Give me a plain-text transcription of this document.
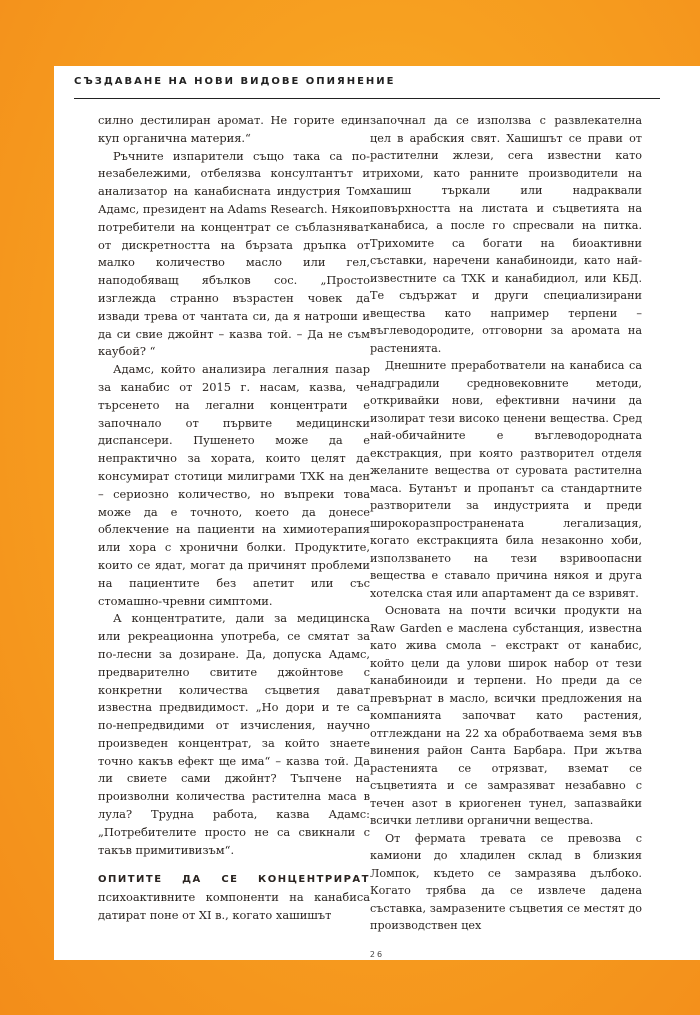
СЪЗДАВАНЕ НА НОВИ ВИДОВЕ ОПИЯНЕНИЕ

силно дестилиран аромат. Не горите един куп органична материя.“

Ръчните изпарители също така са по-незабележими, отбелязва консултантът и анализатор на канабисната индустрия Том Адамс, президент на Adams Research. Някои потребители на концентрат се съблазняват от дискретността на бързата дръпка от малко количество масло или гел, наподобяващ ябълков сос. „Просто изглежда странно възрастен човек да извади трева от чантата си, да я натроши и да си свие джойнт – казва той. – Да не съм каубой? “

Адамс, който анализира легалния пазар за канабис от 2015 г. насам, казва, че търсенето на легални концентрати е започнало от първите медицински диспансери. Пушенето може да е непрактично за хората, които целят да консумират стотици милиграми ТХК на ден – сериозно количество, но въпреки това може да е точното, което да донесе облекчение на пациенти на химиотерапия или хора с хронични болки. Продуктите, които се ядат, могат да причинят проблеми на пациентите без апетит или със стомашно-чревни симптоми.

А концентратите, дали за медицинска или рекреационна употреба, се смятат за по-лесни за дозиране. Да, допуска Адамс, предварително свитите джойнтове с конкретни количества съцветия дават известна предвидимост. „Но дори и те са по-непредвидими от изчисления, научно произведен концентрат, за който знаете точно какъв ефект ще има“ – казва той. Да ли свиете сами джойнт? Тъпчене на произволни количества растителна маса в лула? Трудна работа, казва Адамс: „Потребителите просто не са свикнали с такъв примитивизъм“.

ОПИТИТЕ ДА СЕ КОНЦЕНТРИРАТ психоактивните компоненти на канабиса датират поне от XI в., когато хашишът

започнал да се използва с развлекателна цел в арабския свят. Хашишът се прави от растителни жлези, сега известни като трихоми, като ранните производители на хашиш търкали или надраквали повърхността на листата и съцветията на канабиса, а после го спресвали на питка. Трихомите са богати на биоактивни съставки, наречени канабиноиди, като най-известните са ТХК и канабидиол, или КБД. Те съдържат и други специализирани вещества като например терпени – въглеводородите, отговорни за аромата на растенията.

Днешните преработватели на канабиса са надградили средновековните методи, откривайки нови, ефективни начини да изолират тези високо ценени вещества. Сред най-обичайните е въглеводородната екстракция, при която разтворител отделя желаните вещества от суровата растителна маса. Бутанът и пропанът са стандартните разтворители за индустрията и преди широкоразпространената легализация, когато екстракцията била незаконно хоби, използването на тези взривоопасни вещества е ставало причина някоя и друга хотелска стая или апартамент да се взривят.

Основата на почти всички продукти на Raw Garden е маслена субстанция, известна като жива смола – екстракт от канабис, който цели да улови широк набор от тези канабиноиди и терпени. Но преди да се превърнат в масло, всички предложения на компанията започват като растения, отглеждани на 22 ха обработваема земя във винения район Санта Барбара. При жътва растенията се отрязват, вземат се съцветията и се замразяват незабавно с течен азот в криогенен тунел, запазвайки всички летливи органични вещества.

От фермата тревата се превозва с камиони до хладилен склад в близкия Ломпок, където се замразява дълбоко. Когато трябва да се извлече дадена съставка, замразените съцветия се местят до производствен цех

26
